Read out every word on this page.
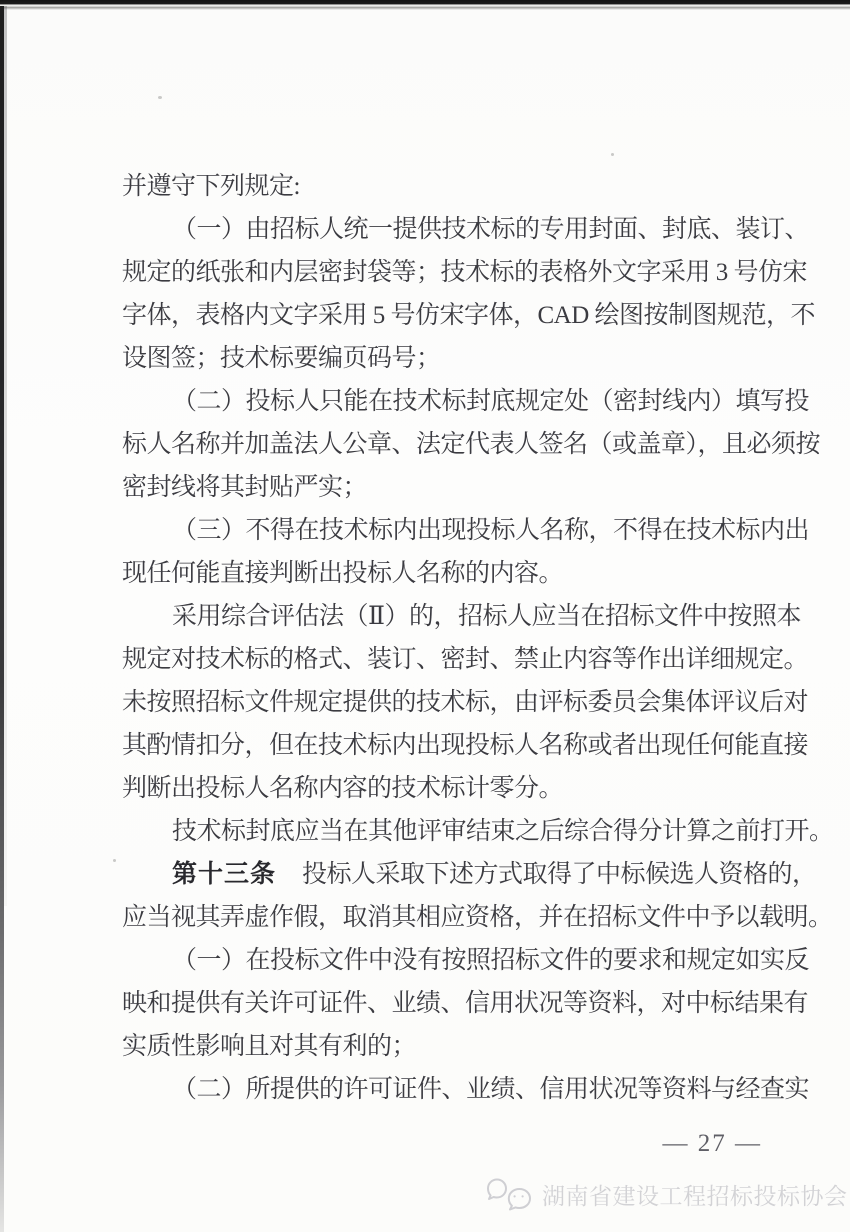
并遵守下列规定:
（一）由招标人统一提供技术标的专用封面、封底、装订、
规定的纸张和内层密封袋等；技术标的表格外文字采用 3 号仿宋
字体，表格内文字采用 5 号仿宋字体，CAD 绘图按制图规范，不
设图签；技术标要编页码号；
（二）投标人只能在技术标封底规定处（密封线内）填写投
标人名称并加盖法人公章、法定代表人签名（或盖章），且必须按
密封线将其封贴严实；
（三）不得在技术标内出现投标人名称，不得在技术标内出
现任何能直接判断出投标人名称的内容。
采用综合评估法（Ⅱ）的，招标人应当在招标文件中按照本
规定对技术标的格式、装订、密封、禁止内容等作出详细规定。
未按照招标文件规定提供的技术标，由评标委员会集体评议后对
其酌情扣分，但在技术标内出现投标人名称或者出现任何能直接
判断出投标人名称内容的技术标计零分。
技术标封底应当在其他评审结束之后综合得分计算之前打开。
第十三条 投标人采取下述方式取得了中标候选人资格的，
应当视其弄虚作假，取消其相应资格，并在招标文件中予以载明。
（一）在投标文件中没有按照招标文件的要求和规定如实反
映和提供有关许可证件、业绩、信用状况等资料，对中标结果有
实质性影响且对其有利的；
（二）所提供的许可证件、业绩、信用状况等资料与经查实
— 27 —
湖南省建设工程招标投标协会
